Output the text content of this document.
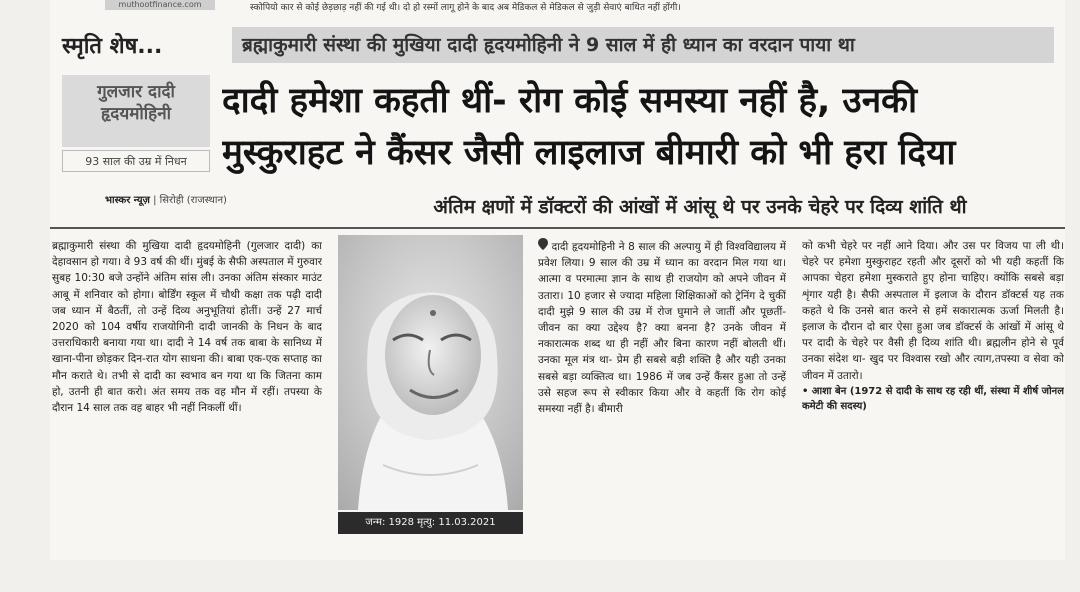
muthootfinance.com	स्कोपियो कार से कोई छेड़छाड़ नहीं की गई थी। दो हो रस्मों लागू होने के बाद अब मेडिकल से मेडिकल से जुड़ी सेवाएं बाधित नहीं होंगी।
स्मृति शेष...	ब्रह्माकुमारी संस्था की मुखिया दादी हृदयमोहिनी ने 9 साल में ही ध्यान का वरदान पाया था
गुलजार दादी
हृदयमोहिनी
93 साल की उम्र में निधन
दादी हमेशा कहती थीं- रोग कोई समस्या नहीं है, उनकी
मुस्कुराहट ने कैंसर जैसी लाइलाज बीमारी को भी हरा दिया
भास्कर न्यूज़ | सिरोही (राजस्थान)	अंतिम क्षणों में डॉक्टरों की आंखों में आंसू थे पर उनके चेहरे पर दिव्य शांति थी
ब्रह्माकुमारी संस्था की मुखिया दादी हृदयमोहिनी (गुलजार दादी) का देहावसान हो गया। वे 93 वर्ष की थीं। मुंबई के सैफी अस्पताल में गुरुवार सुबह 10:30 बजे उन्होंने अंतिम सांस ली। उनका अंतिम संस्कार माउंट आबू में शनिवार को होगा। बोर्डिंग स्कूल में चौथी कक्षा तक पढ़ी दादी जब ध्यान में बैठतीं, तो उन्हें दिव्य अनुभूतियां होतीं। उन्हें 27 मार्च 2020 को 104 वर्षीय राजयोगिनी दादी जानकी के निधन के बाद उत्तराधिकारी बनाया गया था। दादी ने 14 वर्ष तक बाबा के सानिध्य में खाना-पीना छोड़कर दिन-रात योग साधना की। बाबा एक-एक सप्ताह का मौन कराते थे। तभी से दादी का स्वभाव बन गया था कि जितना काम हो, उतनी ही बात करो। अंत समय तक वह मौन में रहीं। तपस्या के दौरान 14 साल तक वह बाहर भी नहीं निकलीं थीं।
जन्म: 1928 मृत्यु: 11.03.2021
दादी हृदयमोहिनी ने 8 साल की अल्पायु में ही विश्वविद्यालय में प्रवेश लिया। 9 साल की उम्र में ध्यान का वरदान मिल गया था। आत्मा व परमात्मा ज्ञान के साथ ही राजयोग को अपने जीवन में उतारा। 10 हजार से ज्यादा महिला शिक्षिकाओं को ट्रेनिंग दे चुकीं दादी मुझे 9 साल की उम्र में रोज घुमाने ले जातीं और पूछतीं- जीवन का क्या उद्देश्य है? क्या बनना है? उनके जीवन में नकारात्मक शब्द था ही नहीं और बिना कारण नहीं बोलती थीं। उनका मूल मंत्र था- प्रेम ही सबसे बड़ी शक्ति है और यही उनका सबसे बड़ा व्यक्तित्व था। 1986 में जब उन्हें कैंसर हुआ तो उन्हें उसे सहज रूप से स्वीकार किया और वे कहतीं कि रोग कोई समस्या नहीं है। बीमारी
को कभी चेहरे पर नहीं आने दिया। और उस पर विजय पा ली थी। चेहरे पर हमेशा मुस्कुराहट रहती और दूसरों को भी यही कहतीं कि आपका चेहरा हमेशा मुस्कराते हुए होना चाहिए। क्योंकि सबसे बड़ा शृंगार यही है। सैफी अस्पताल में इलाज के दौरान डॉक्टर्स यह तक कहते थे कि उनसे बात करने से हमें सकारात्मक ऊर्जा मिलती है। इलाज के दौरान दो बार ऐसा हुआ जब डॉक्टर्स के आंखों में आंसू थे पर दादी के चेहरे पर वैसी ही दिव्य शांति थी। ब्रह्मलीन होने से पूर्व उनका संदेश था- खुद पर विश्वास रखो और त्याग,तपस्या व सेवा को जीवन में उतारो।
• आशा बेन (1972 से दादी के साथ रह रही थीं, संस्था में शीर्ष जोनल कमेटी की सदस्य)
